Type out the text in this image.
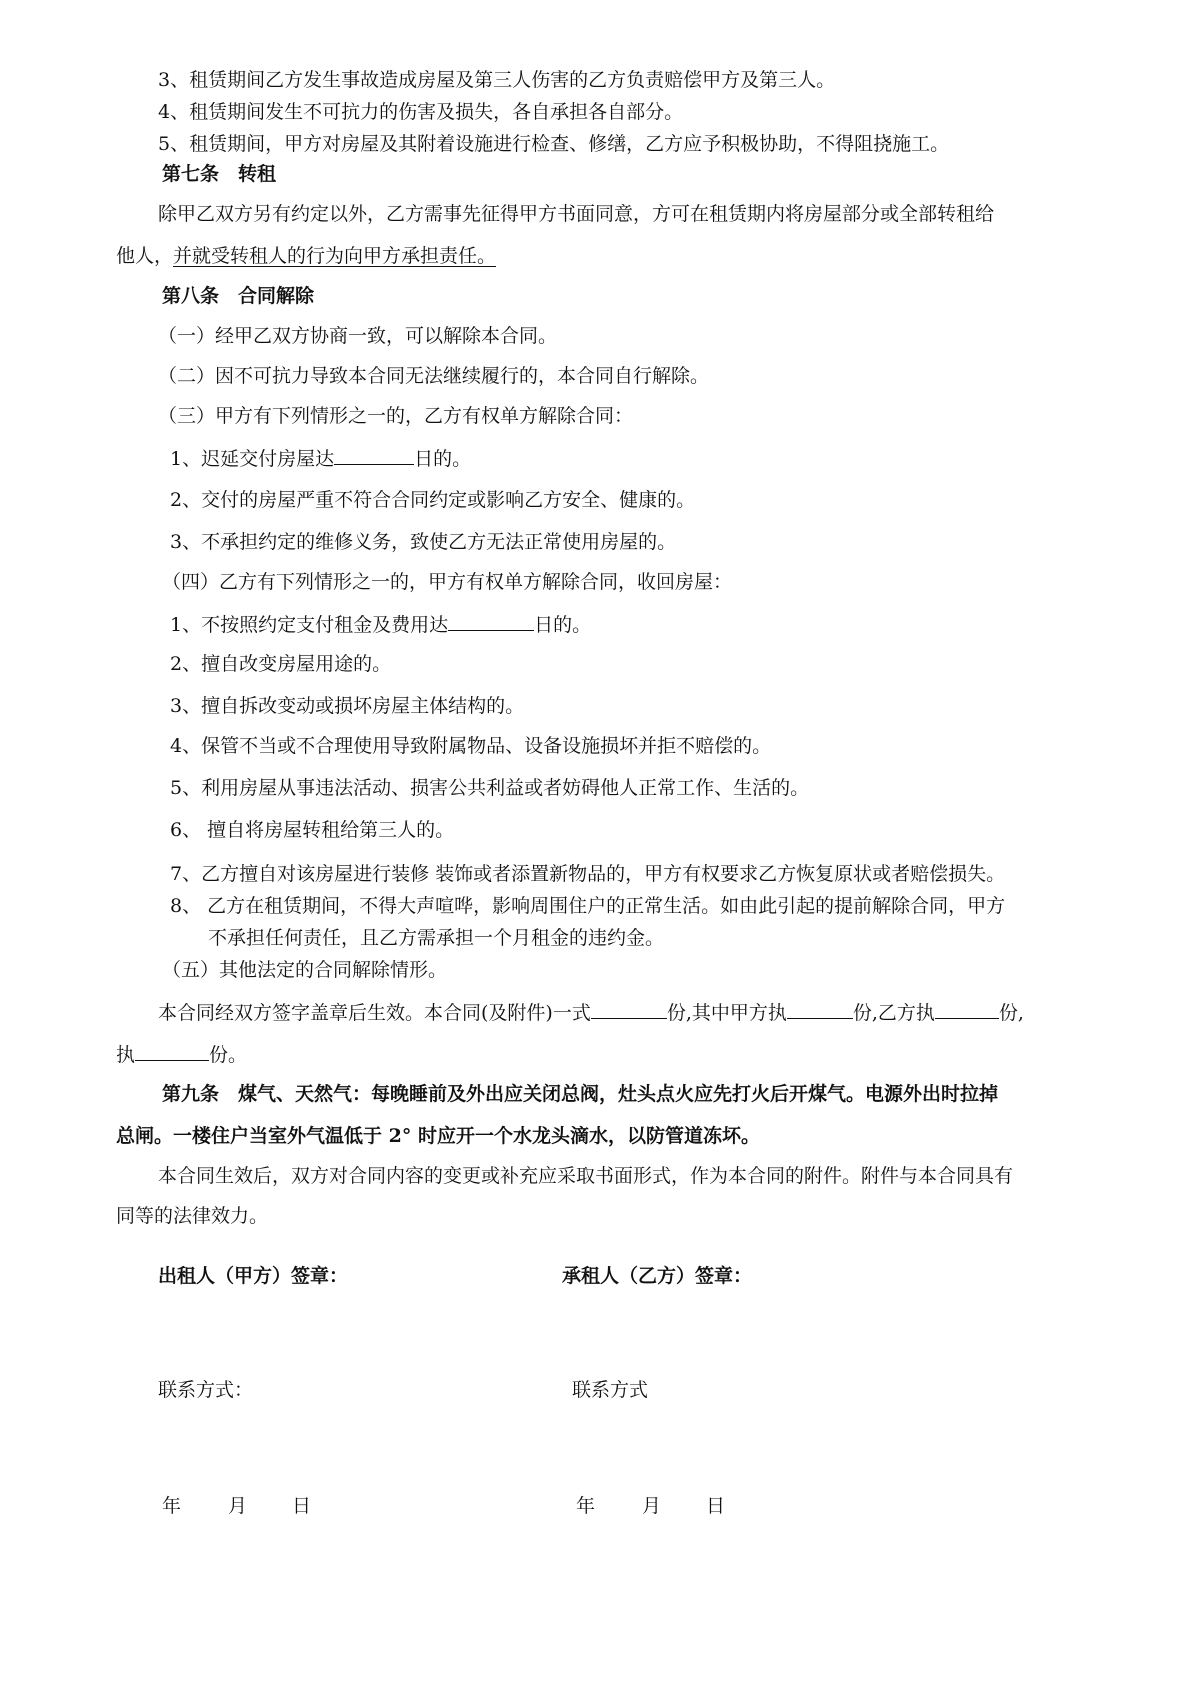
3、租赁期间乙方发生事故造成房屋及第三人伤害的乙方负责赔偿甲方及第三人。
4、租赁期间发生不可抗力的伤害及损失，各自承担各自部分。
5、租赁期间，甲方对房屋及其附着设施进行检查、修缮，乙方应予积极协助，不得阻挠施工。
第七条　转租
除甲乙双方另有约定以外，乙方需事先征得甲方书面同意，方可在租赁期内将房屋部分或全部转租给
他人，并就受转租人的行为向甲方承担责任。
第八条　合同解除
（一）经甲乙双方协商一致，可以解除本合同。
（二）因不可抗力导致本合同无法继续履行的，本合同自行解除。
（三）甲方有下列情形之一的，乙方有权单方解除合同：
1、迟延交付房屋达	日的。
2、交付的房屋严重不符合合同约定或影响乙方安全、健康的。
3、不承担约定的维修义务，致使乙方无法正常使用房屋的。
（四）乙方有下列情形之一的，甲方有权单方解除合同，收回房屋：
1、不按照约定支付租金及费用达	日的。
2、擅自改变房屋用途的。
3、擅自拆改变动或损坏房屋主体结构的。
4、保管不当或不合理使用导致附属物品、设备设施损坏并拒不赔偿的。
5、利用房屋从事违法活动、损害公共利益或者妨碍他人正常工作、生活的。
6、 擅自将房屋转租给第三人的。
7、乙方擅自对该房屋进行装修 装饰或者添置新物品的，甲方有权要求乙方恢复原状或者赔偿损失。
8、 乙方在租赁期间，不得大声喧哗，影响周围住户的正常生活。如由此引起的提前解除合同，甲方
不承担任何责任，且乙方需承担一个月租金的违约金。
（五）其他法定的合同解除情形。
本合同经双方签字盖章后生效。本合同(及附件)一式	份,其中甲方执	份,乙方执	份,
执	份。
第九条　煤气、天然气：每晚睡前及外出应关闭总阀，灶头点火应先打火后开煤气。电源外出时拉掉
总闸。一楼住户当室外气温低于 2° 时应开一个水龙头滴水，以防管道冻坏。
本合同生效后，双方对合同内容的变更或补充应采取书面形式，作为本合同的附件。附件与本合同具有
同等的法律效力。
出租人（甲方）签章：	承租人（乙方）签章：
联系方式：	联系方式
年 月 日	年 月 日
